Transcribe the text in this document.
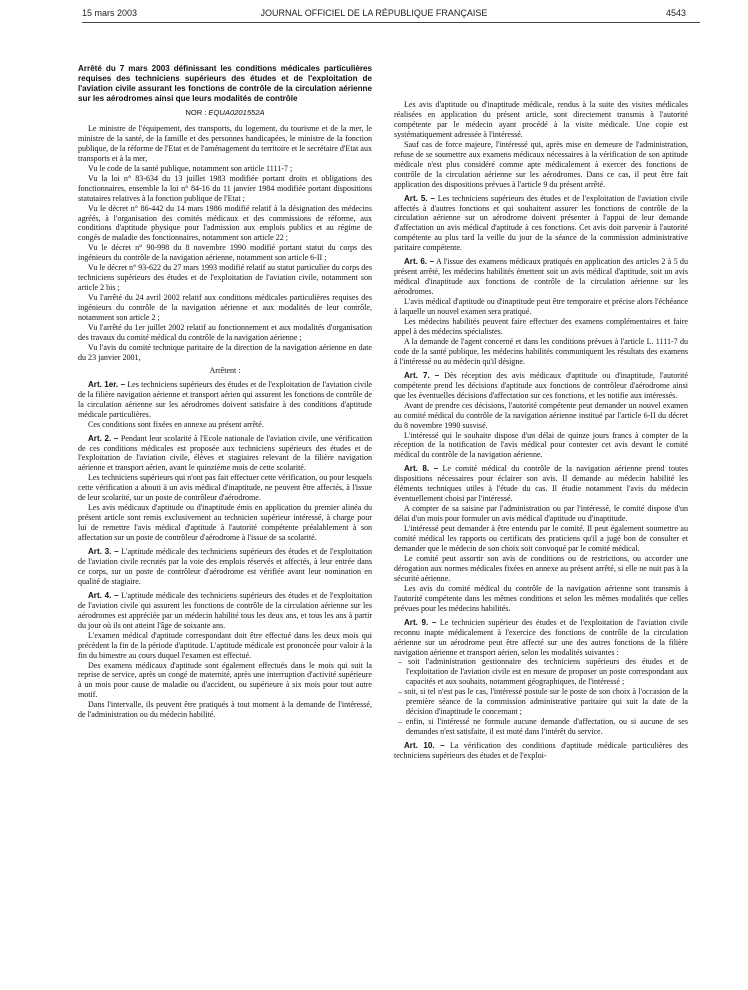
15 mars 2003	JOURNAL OFFICIEL DE LA RÉPUBLIQUE FRANÇAISE	4543

Arrêté du 7 mars 2003 définissant les conditions médicales particulières requises des techniciens supérieurs des études et de l'exploitation de l'aviation civile assurant les fonctions de contrôle de la circulation aérienne sur les aérodromes ainsi que leurs modalités de contrôle

NOR : EQUA0201552A

Le ministre de l'équipement, des transports, du logement, du tourisme et de la mer, le ministre de la santé, de la famille et des personnes handicapées, le ministre de la fonction publique, de la réforme de l'Etat et de l'aménagement du territoire et le secrétaire d'Etat aux transports et à la mer,

Vu le code de la santé publique, notamment son article 1111-7 ;

Vu la loi n° 83-634 du 13 juillet 1983 modifiée portant droits et obligations des fonctionnaires, ensemble la loi n° 84-16 du 11 janvier 1984 modifiée portant dispositions statutaires relatives à la fonction publique de l'Etat ;

Vu le décret n° 86-442 du 14 mars 1986 modifié relatif à la désignation des médecins agréés, à l'organisation des comités médicaux et des commissions de réforme, aux conditions d'aptitude physique pour l'admission aux emplois publics et au régime de congés de maladie des fonctionnaires, notamment son article 22 ;

Vu le décret n° 90-998 du 8 novembre 1990 modifié portant statut du corps des ingénieurs du contrôle de la navigation aérienne, notamment son article 6-II ;

Vu le décret n° 93-622 du 27 mars 1993 modifié relatif au statut particulier du corps des techniciens supérieurs des études et de l'exploitation de l'aviation civile, notamment son article 2 bis ;

Vu l'arrêté du 24 avril 2002 relatif aux conditions médicales particulières requises des ingénieurs du contrôle de la navigation aérienne et aux modalités de leur contrôle, notamment son article 2 ;

Vu l'arrêté du 1er juillet 2002 relatif au fonctionnement et aux modalités d'organisation des travaux du comité médical du contrôle de la navigation aérienne ;

Vu l'avis du comité technique paritaire de la direction de la navigation aérienne en date du 23 janvier 2001,

Arrêtent :

Art. 1er. – Les techniciens supérieurs des études et de l'exploitation de l'aviation civile de la filière navigation aérienne et transport aérien qui assurent les fonctions de contrôle de la circulation aérienne sur les aérodromes doivent satisfaire à des conditions d'aptitude médicale particulières.

Ces conditions sont fixées en annexe au présent arrêté.

Art. 2. – Pendant leur scolarité à l'Ecole nationale de l'aviation civile, une vérification de ces conditions médicales est proposée aux techniciens supérieurs des études et de l'exploitation de l'aviation civile, élèves et stagiaires relevant de la filière navigation aérienne et transport aérien, avant le quinzième mois de cette scolarité.

Les techniciens supérieurs qui n'ont pas fait effectuer cette vérification, ou pour lesquels cette vérification a abouti à un avis médical d'inaptitude, ne peuvent être affectés, à l'issue de leur scolarité, sur un poste de contrôleur d'aérodrome.

Les avis médicaux d'aptitude ou d'inaptitude émis en application du premier alinéa du présent article sont remis exclusivement au technicien supérieur intéressé, à charge pour lui de remettre l'avis médical d'aptitude à l'autorité compétente préalablement à son affectation sur un poste de contrôleur d'aérodrome à l'issue de sa scolarité.

Art. 3. – L'aptitude médicale des techniciens supérieurs des études et de l'exploitation de l'aviation civile recrutés par la voie des emplois réservés et affectés, à leur entrée dans ce corps, sur un poste de contrôleur d'aérodrome est vérifiée avant leur nomination en qualité de stagiaire.

Art. 4. – L'aptitude médicale des techniciens supérieurs des études et de l'exploitation de l'aviation civile qui assurent les fonctions de contrôle de la circulation aérienne sur les aérodromes est appréciée par un médecin habilité tous les deux ans, et tous les ans à partir du jour où ils ont atteint l'âge de soixante ans.

L'examen médical d'aptitude correspondant doit être effectué dans les deux mois qui précèdent la fin de la période d'aptitude. L'aptitude médicale est prononcée pour valoir à la fin du bimestre au cours duquel l'examen est effectué.

Des examens médicaux d'aptitude sont également effectués dans le mois qui suit la reprise de service, après un congé de maternité, après une interruption d'activité supérieure à un mois pour cause de maladie ou d'accident, ou supérieure à six mois pour tout autre motif.

Dans l'intervalle, ils peuvent être pratiqués à tout moment à la demande de l'intéressé, de l'administration ou du médecin habilité.

Les avis d'aptitude ou d'inaptitude médicale, rendus à la suite des visites médicales réalisées en application du présent article, sont directement transmis à l'autorité compétente par le médecin ayant procédé à la visite médicale. Une copie est systématiquement adressée à l'intéressé.

Sauf cas de force majeure, l'intéressé qui, après mise en demeure de l'administration, refuse de se soumettre aux examens médicaux nécessaires à la vérification de son aptitude médicale n'est plus considéré comme apte médicalement à exercer des fonctions de contrôle de la circulation aérienne sur les aérodromes. Dans ce cas, il peut être fait application des dispositions prévues à l'article 9 du présent arrêté.

Art. 5. – Les techniciens supérieurs des études et de l'exploitation de l'aviation civile affectés à d'autres fonctions et qui souhaitent assurer les fonctions de contrôle de la circulation aérienne sur un aérodrome doivent présenter à l'appui de leur demande d'affectation un avis médical d'aptitude à ces fonctions. Cet avis doit parvenir à l'autorité compétente au plus tard la veille du jour de la séance de la commission administrative paritaire compétente.

Art. 6. – A l'issue des examens médicaux pratiqués en application des articles 2 à 5 du présent arrêté, les médecins habilités émettent soit un avis médical d'aptitude, soit un avis médical d'inaptitude aux fonctions de contrôle de la circulation aérienne sur les aérodromes.

L'avis médical d'aptitude ou d'inaptitude peut être temporaire et précise alors l'échéance à laquelle un nouvel examen sera pratiqué.

Les médecins habilités peuvent faire effectuer des examens complémentaires et faire appel à des médecins spécialistes.

A la demande de l'agent concerné et dans les conditions prévues à l'article L. 1111-7 du code de la santé publique, les médecins habilités communiquent les résultats des examens à l'intéressé ou au médecin qu'il désigne.

Art. 7. – Dès réception des avis médicaux d'aptitude ou d'inaptitude, l'autorité compétente prend les décisions d'aptitude aux fonctions de contrôleur d'aérodrome ainsi que les éventuelles décisions d'affectation sur ces fonctions, et les notifie aux intéressés.

Avant de prendre ces décisions, l'autorité compétente peut demander un nouvel examen au comité médical du contrôle de la navigation aérienne institué par l'article 6-II du décret du 8 novembre 1990 susvisé.

L'intéressé qui le souhaite dispose d'un délai de quinze jours francs à compter de la réception de la notification de l'avis médical pour contester cet avis devant le comité médical du contrôle de la navigation aérienne.

Art. 8. – Le comité médical du contrôle de la navigation aérienne prend toutes dispositions nécessaires pour éclairer son avis. Il demande au médecin habilité les éléments techniques utiles à l'étude du cas. Il étudie notamment l'avis du médecin éventuellement choisi par l'intéressé.

A compter de sa saisine par l'administration ou par l'intéressé, le comité dispose d'un délai d'un mois pour formuler un avis médical d'aptitude ou d'inaptitude.

L'intéressé peut demander à être entendu par le comité. Il peut également soumettre au comité médical les rapports ou certificats des praticiens qu'il a jugé bon de consulter et demander que le médecin de son choix soit convoqué par le comité médical.

Le comité peut assortir son avis de conditions ou de restrictions, ou accorder une dérogation aux normes médicales fixées en annexe au présent arrêté, si elle ne nuit pas à la sécurité aérienne.

Les avis du comité médical du contrôle de la navigation aérienne sont transmis à l'autorité compétente dans les mêmes conditions et selon les mêmes modalités que celles prévues pour les médecins habilités.

Art. 9. – Le technicien supérieur des études et de l'exploitation de l'aviation civile reconnu inapte médicalement à l'exercice des fonctions de contrôle de la circulation aérienne sur un aérodrome peut être affecté sur une des autres fonctions de la filière navigation aérienne et transport aérien, selon les modalités suivantes :

– soit l'administration gestionnaire des techniciens supérieurs des études et de l'exploitation de l'aviation civile est en mesure de proposer un poste correspondant aux capacités et aux souhaits, notamment géographiques, de l'intéressé ;

– soit, si tel n'est pas le cas, l'intéressé postule sur le poste de son choix à l'occasion de la première séance de la commission administrative paritaire qui suit la date de la décision d'inaptitude le concernant ;

– enfin, si l'intéressé ne formule aucune demande d'affectation, ou si aucune de ses demandes n'est satisfaite, il est muté dans l'intérêt du service.

Art. 10. – La vérification des conditions d'aptitude médicale particulières des techniciens supérieurs des études et de l'exploi-
